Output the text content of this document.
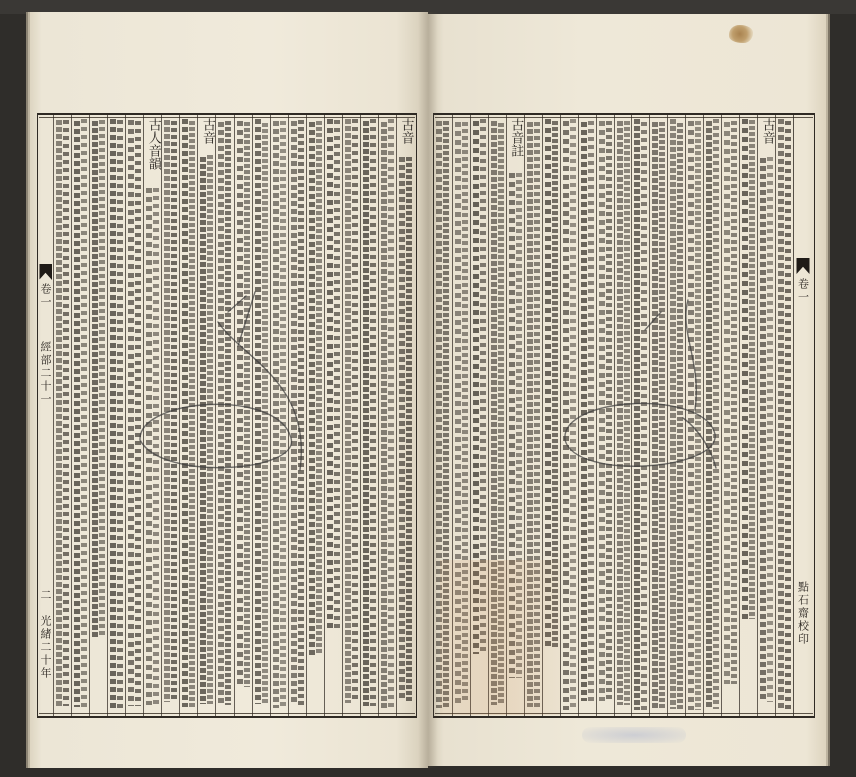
卷一
經部二十一
二
光緒二十年
古音
古音
古人音韻	古音
古音註
卷一
點石齋校印
